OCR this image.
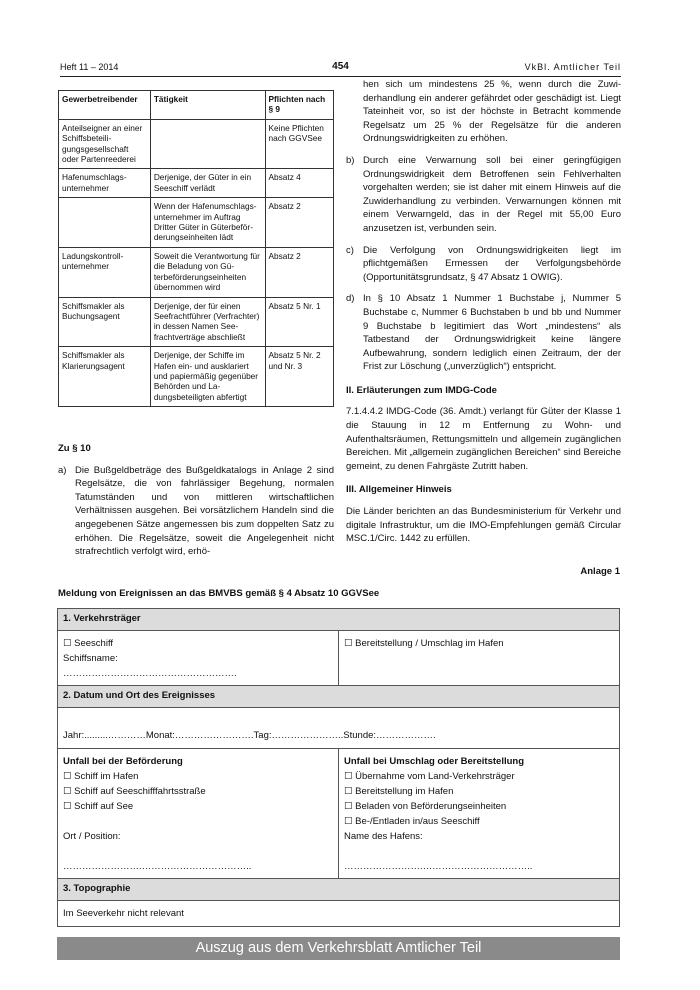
Heft 11 – 2014	454	VkBl. Amtlicher Teil
Gewerbetreibender	Tätigkeit	Pflichten nach § 9
Anteilseigner an einer Schiffsbeteiligungsgesellschaft oder Partenreederei		Keine Pflichten nach GGVSee
Hafenumschlagsunternehmer	Derjenige, der Güter in ein Seeschiff verlädt	Absatz 4
	Wenn der Hafenumschlagsunternehmer im Auftrag Dritter Güter in Güterbeförderungseinheiten lädt	Absatz 2
Ladungskontrollunternehmer	Soweit die Verantwortung für die Beladung von Güterbeförderungseinheiten übernommen wird	Absatz 2
Schiffsmakler als Buchungsagent	Derjenige, der für einen Seefrachtführer (Verfrachter) in dessen Namen Seefrachtverträge abschließt	Absatz 5 Nr. 1
Schiffsmakler als Klarierungsagent	Derjenige, der Schiffe im Hafen ein- und ausklariert und papiermäßig gegenüber Behörden und Ladungsbeteiligten abfertigt	Absatz 5 Nr. 2 und Nr. 3
Zu § 10
a) Die Bußgeldbeträge des Bußgeldkatalogs in Anlage 2 sind Regelsätze, die von fahrlässiger Begehung, normalen Tatumständen und von mittleren wirtschaftlichen Verhältnissen ausgehen. Bei vorsätzlichem Handeln sind die angegebenen Sätze angemessen bis zum doppelten Satz zu erhöhen. Die Regelsätze, soweit die Angelegenheit nicht strafrechtlich verfolgt wird, erhö-
hen sich um mindestens 25 %, wenn durch die Zuwiderhandlung ein anderer gefährdet oder geschädigt ist. Liegt Tateinheit vor, so ist der höchste in Betracht kommende Regelsatz um 25 % der Regelsätze für die anderen Ordnungswidrigkeiten zu erhöhen.
b) Durch eine Verwarnung soll bei einer geringfügigen Ordnungswidrigkeit dem Betroffenen sein Fehlverhalten vorgehalten werden; sie ist daher mit einem Hinweis auf die Zuwiderhandlung zu verbinden. Verwarnungen können mit einem Verwarngeld, das in der Regel mit 55,00 Euro anzusetzen ist, verbunden sein.
c) Die Verfolgung von Ordnungswidrigkeiten liegt im pflichtgemäßen Ermessen der Verfolgungsbehörde (Opportunitätsgrundsatz, § 47 Absatz 1 OWIG).
d) In § 10 Absatz 1 Nummer 1 Buchstabe j, Nummer 5 Buchstabe c, Nummer 6 Buchstaben b und bb und Nummer 9 Buchstabe b legitimiert das Wort „mindestens“ als Tatbestand der Ordnungswidrigkeit keine längere Aufbewahrung, sondern lediglich einen Zeitraum, der der Frist zur Löschung („unverzüglich“) entspricht.
II. Erläuterungen zum IMDG-Code
7.1.4.4.2 IMDG-Code (36. Amdt.) verlangt für Güter der Klasse 1 die Stauung in 12 m Entfernung zu Wohn- und Aufenthaltsräumen, Rettungsmitteln und allgemein zugänglichen Bereichen. Mit „allgemein zugänglichen Bereichen“ sind Bereiche gemeint, zu denen Fahrgäste Zutritt haben.
III. Allgemeiner Hinweis
Die Länder berichten an das Bundesministerium für Verkehr und digitale Infrastruktur, um die IMO-Empfehlungen gemäß Circular MSC.1/Circ. 1442 zu erfüllen.
Anlage 1
Meldung von Ereignissen an das BMVBS gemäß § 4 Absatz 10 GGVSee
1. Verkehrsträger
☐ Seeschiff
Schiffsname:
……………………………………………….
☐ Bereitstellung / Umschlag im Hafen
2. Datum und Ort des Ereignisses
Jahr:.........…………Monat:…………………….Tag:…………………..Stunde:……………….
Unfall bei der Beförderung
☐ Schiff im Hafen
☐ Schiff auf Seeschifffahrtsstraße
☐ Schiff auf See
Ort / Position:
…………………….……………………………..
Unfall bei Umschlag oder Bereitstellung
☐ Übernahme vom Land-Verkehrsträger
☐ Bereitstellung im Hafen
☐ Beladen von Beförderungseinheiten
☐ Be-/Entladen in/aus Seeschiff
Name des Hafens:
…………………….……………………………..
3. Topographie
Im Seeverkehr nicht relevant
Auszug aus dem Verkehrsblatt Amtlicher Teil
